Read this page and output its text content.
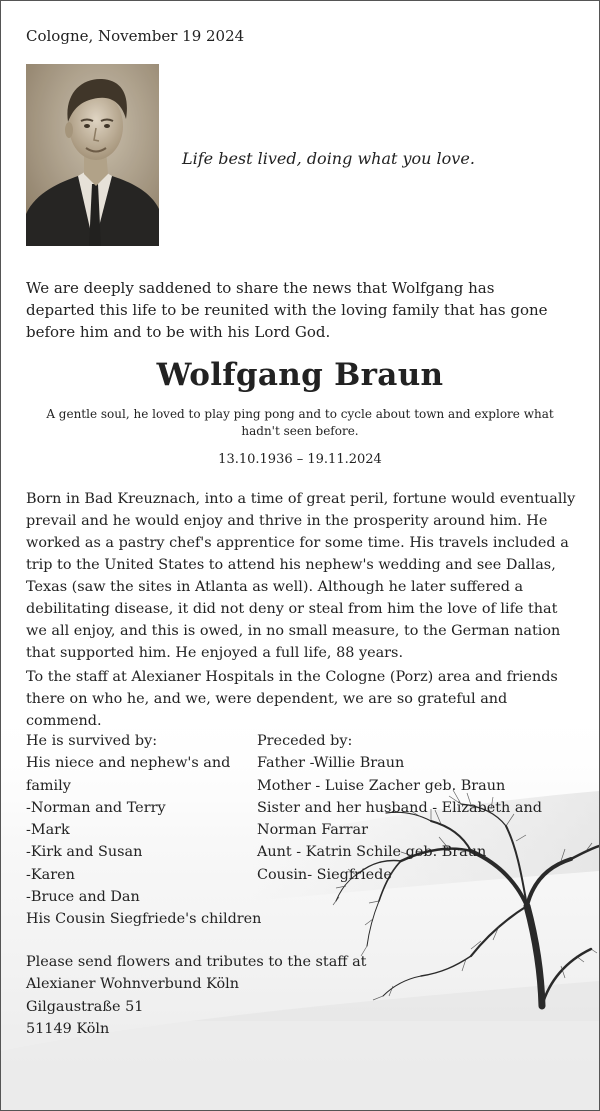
Cologne, November 19 2024
Life best lived, doing what you love.
We are deeply saddened to share the news that Wolfgang has departed this life to be reunited with the loving family that has gone before him and to be with his Lord God.
Wolfgang Braun
A gentle soul, he loved to play ping pong and to cycle about town and explore what hadn't seen before.
13.10.1936 – 19.11.2024
Born in Bad Kreuznach, into a time of great peril, fortune would eventually prevail and he would enjoy and thrive in the prosperity around him. He worked as a pastry chef's apprentice for some time. His travels included a trip to the United States to attend his nephew's wedding and see Dallas, Texas (saw the sites in Atlanta as well). Although he later suffered a debilitating disease, it did not deny or steal from him the love of life that we all enjoy, and this is owed, in no small measure, to the German nation that supported him. He enjoyed a full life, 88 years.
To the staff at Alexianer Hospitals in the Cologne (Porz) area and friends there on who he, and we, were dependent, we are so grateful and commend.
He is survived by:
His niece and nephew's and family
-Norman and Terry
-Mark
-Kirk and Susan
-Karen
-Bruce and Dan
His Cousin Siegfriede's children
Preceded by:
Father -Willie Braun
Mother - Luise Zacher geb. Braun
Sister and her husband - Elizabeth and Norman Farrar
Aunt - Katrin Schile geb. Braun
Cousin- Siegfriede
Please send flowers and tributes to the staff at
Alexianer Wohnverbund Köln
Gilgaustraße 51
51149 Köln
